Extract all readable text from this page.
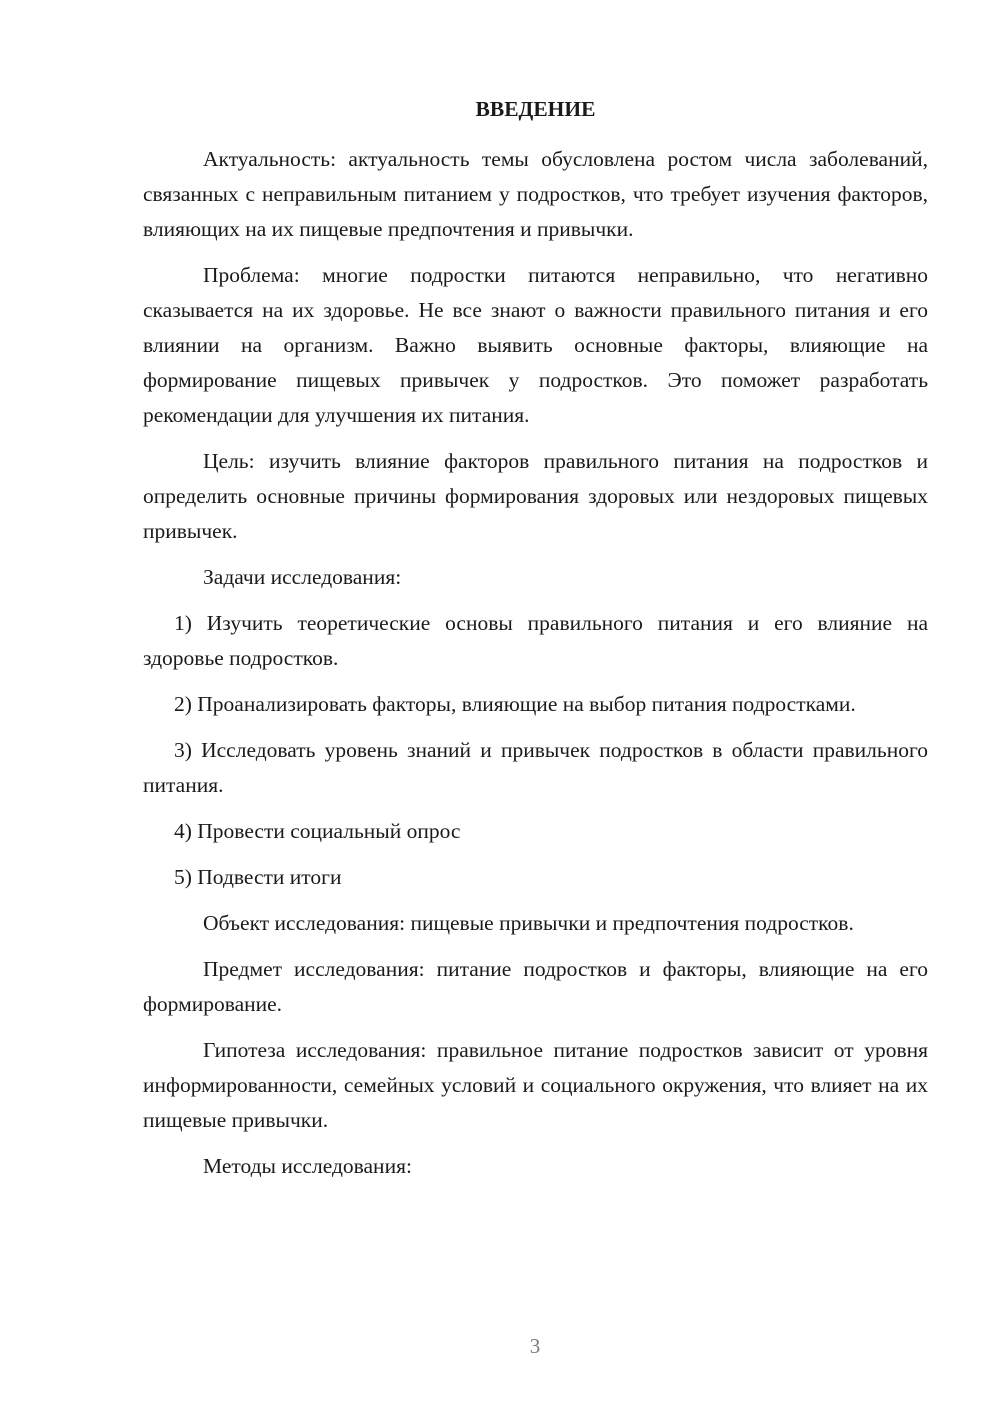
ВВЕДЕНИЕ

Актуальность: актуальность темы обусловлена ростом числа заболеваний, связанных с неправильным питанием у подростков, что требует изучения факторов, влияющих на их пищевые предпочтения и привычки.

Проблема: многие подростки питаются неправильно, что негативно сказывается на их здоровье. Не все знают о важности правильного питания и его влиянии на организм. Важно выявить основные факторы, влияющие на формирование пищевых привычек у подростков. Это поможет разработать рекомендации для улучшения их питания.

Цель: изучить влияние факторов правильного питания на подростков и определить основные причины формирования здоровых или нездоровых пищевых привычек.

Задачи исследования:

1) Изучить теоретические основы правильного питания и его влияние на здоровье подростков.

2) Проанализировать факторы, влияющие на выбор питания подростками.

3) Исследовать уровень знаний и привычек подростков в области правильного питания.

4) Провести социальный опрос

5) Подвести итоги

Объект исследования: пищевые привычки и предпочтения подростков.

Предмет исследования: питание подростков и факторы, влияющие на его формирование.

Гипотеза исследования: правильное питание подростков зависит от уровня информированности, семейных условий и социального окружения, что влияет на их пищевые привычки.

Методы исследования:

3
